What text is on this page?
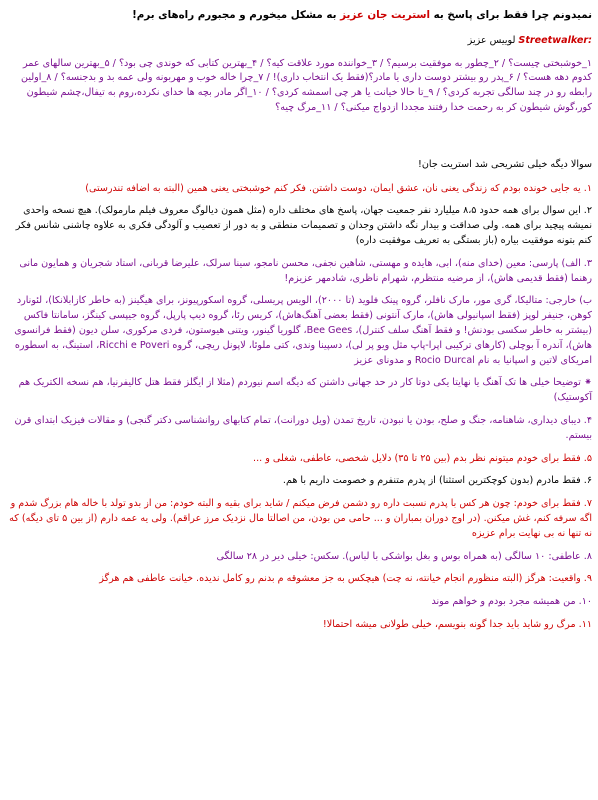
نمیدونم چرا فقط برای پاسخ به استریت جان عزیز به مشکل میخورم و مجبورم راه‌های برم!
Streetwalker: لوییس عزیز
۱_خوشبختی چیست؟ / ۲_چطور به موفقیت برسیم؟ / ۳_خواننده مورد علاقت کیه؟ / ۴_بهترین کتابی که خوندی چی بود؟ / ۵_بهترین سالهای عمر کدوم دهه هست؟ / ۶_پدر رو بیشتر دوست داری یا مادر؟(فقط یک انتخاب داری)! / ۷_چرا خاله خوب و مهربونه ولی عمه بد و بدجنسه؟ / ۸_اولین رابطه رو در چند سالگی تجربه کردی؟ / ۹_تا حالا خیانت یا هر چی اسمشه کردی؟ / ۱۰_اگر مادر بچه ها خدای نکرده،روم به تیفال،چشم شیطون کور،گوش شیطون کر به رحمت خدا رفتند مجددا ازدواج میکنی؟ / ۱۱_مرگ چیه؟
سوالا دیگه خیلی تشریحی شد استریت جان!
۱. یه جایی خونده بودم که زندگی یعنی نان، عشق ایمان، دوست داشتن. فکر کنم خوشبختی یعنی همین (البته به اضافه تندرستی)
۲. این سوال برای همه حدود ۸،۵ میلیارد نفر جمعیت جهان، پاسخ های مختلف داره (مثل همون دیالوگ معروف فیلم مارمولک). هیچ نسخه واحدی نمیشه پیچید برای همه. ولی صداقت و بیدار نگه داشتن وجدان و تصمیمات منطقی و به دور از تعصیب و آلودگی فکری به علاوه چاشنی شانس فکر کنم بتونه موفقیت بیاره (باز بستگی به تعریف موفقیت داره)
۳. الف) پارسی: معین (خدای منه)، ابی، هایده و مهستی، شاهین نجفی، محسن نامجو، سینا سرلک، علیرضا قربانی، استاد شجریان و همایون مانی رهنما (فقط قدیمی هاش)، از مرضیه منتظرم، شهرام ناظری، شادمهر عزیزم!
ب) خارجی: متالیکا، گری مور، مارک نافلر، گروه پینک فلوید (تا ۲۰۰۰)، الویس پریسلی، گروه اسکورپیونز، برای هیگینز (به خاطر کازابلانکا)، لئونارد کوهن، جنیفر لوپز (فقط اسپانیولی هاش)، مارک آنتونی (فقط بعضی آهنگ‌هاش)، کریس رئا، گروه دیپ پارپل، گروه جیپسی کینگز، سامانتا فاکس (بیشتر به خاطر سکسی بودنش! و فقط آهنگ سلف کنترل)، Bee Gees، گلوریا گینور، ویتنی هیوستون، فردی مرکوری، سلن دیون (فقط فرانسوی هاش)، آندره آ بوچلی (کارهای ترکیبی اپرا-پاپ مثل ویو پر لی)، دسپینا وندی، کتی ملوئا، لاپونل ریچی، گروه Ricchi e Poveri، استینگ، به اسطوره امریکای لاتین و اسپانیا به نام Rocio Durcal و مدونای عزیز
⁕ توضیحا خیلی ها تک آهنگ یا نهایتا یکی دوتا کار در حد جهانی داشتن که دیگه اسم نیوردم (مثلا از ایگلز فقط هتل کالیفرنیا، هم نسخه الکتریک هم آکوستیک)
۴. دیبای دیداری، شاهنامه، جنگ و صلح، بودن یا نبودن، تاریخ تمدن (ویل دورانت)، تمام کتابهای روانشناسی دکتر گنجی) و مقالات فیزیک ابتدای قرن بیستم.
۵. فقط برای خودم میتونم نظر بدم (بین ۲۵ تا ۳۵) دلایل شخصی، عاطفی، شغلی و ...
۶. فقط مادرم (بدون کوچکترین استثنا) از پدرم متنفرم و خصومت داریم با هم.
۷. فقط برای خودم: چون هر کس با پدرم نسبت داره رو دشمن فرض میکنم / شاید برای بقیه و البته خودم: من از بدو تولد با خاله هام بزرگ شدم و اگه سرفه کنم، غش میکنن. (در اوج دوران بمباران و ... حامی من بودن، من اصالتا مال نزدیک مرز عراقم). ولی یه عمه دارم (از بین ۵ تای دیگه) که نه تنها نه بی نهایت برام عزیزه
۸. عاطفی: ۱۰ سالگی (به همراه بوس و بغل بواشکی با لباس). سکس: خیلی دیر در ۲۸ سالگی
۹. واقعیت: هرگز (البته منظورم انجام خیانته، نه چت) هیچکس به جز معشوقه م بدنم رو کامل ندیده. خیانت عاطفی هم هرگز
۱۰. من همیشه مجرد بودم و خواهم موند
۱۱. مرگ رو شاید باید جدا گونه بنویسم، خیلی طولانی میشه احتمالا!
